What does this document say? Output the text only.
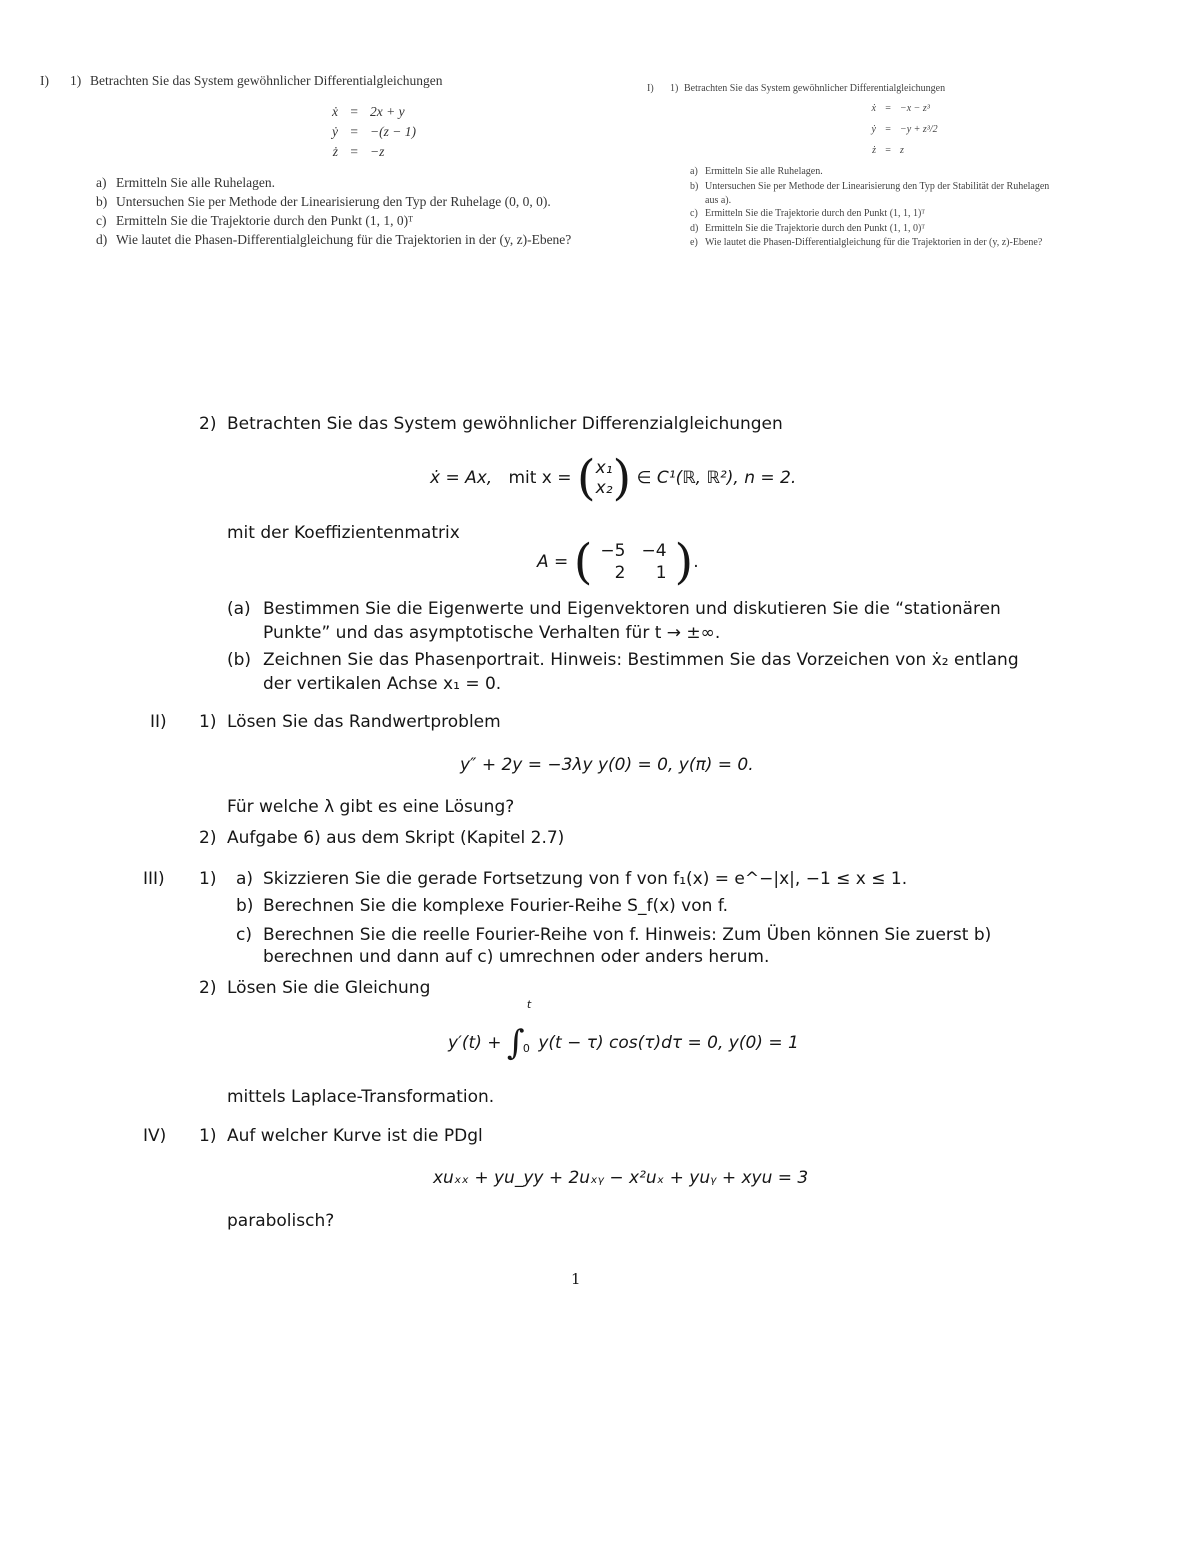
I) 1) Betrachten Sie das System gewöhnlicher Differentialgleichungen
ẋ = 2x + y
ẏ = −(z − 1)
ż = −z
a) Ermitteln Sie alle Ruhelagen.
b) Untersuchen Sie per Methode der Linearisierung den Typ der Ruhelage (0, 0, 0).
c) Ermitteln Sie die Trajektorie durch den Punkt (1, 1, 0)ᵀ
d) Wie lautet die Phasen-Differentialgleichung für die Trajektorien in der (y, z)-Ebene?
I) 1) Betrachten Sie das System gewöhnlicher Differentialgleichungen
ẋ = −x − z³
ẏ = −y + z³/2
ż = z
a) Ermitteln Sie alle Ruhelagen.
b) Untersuchen Sie per Methode der Linearisierung den Typ der Stabilität der Ruhelagen
aus a).
c) Ermitteln Sie die Trajektorie durch den Punkt (1, 1, 1)ᵀ
d) Ermitteln Sie die Trajektorie durch den Punkt (1, 1, 0)ᵀ
e) Wie lautet die Phasen-Differentialgleichung für die Trajektorien in der (y, z)-Ebene?
2) Betrachten Sie das System gewöhnlicher Differenzialgleichungen
ẋ = Ax, mit x = (x₁
x₂) ∈ C¹(ℝ, ℝ²), n = 2.
mit der Koeffizientenmatrix
A = ( −5	−4
2	1 ).
(a) Bestimmen Sie die Eigenwerte und Eigenvektoren und diskutieren Sie die “stationären
Punkte” und das asymptotische Verhalten für t → ±∞.
(b) Zeichnen Sie das Phasenportrait. Hinweis: Bestimmen Sie das Vorzeichen von ẋ₂ entlang
der vertikalen Achse x₁ = 0.
II) 1) Lösen Sie das Randwertproblem
y″ + 2y = −3λy y(0) = 0, y(π) = 0.
Für welche λ gibt es eine Lösung?
2) Aufgabe 6) aus dem Skript (Kapitel 2.7)
III) 1) a) Skizzieren Sie die gerade Fortsetzung von f von f₁(x) = e^−|x|, −1 ≤ x ≤ 1.
b) Berechnen Sie die komplexe Fourier-Reihe S_f(x) von f.
c) Berechnen Sie die reelle Fourier-Reihe von f. Hinweis: Zum Üben können Sie zuerst b)
berechnen und dann auf c) umrechnen oder anders herum.
2) Lösen Sie die Gleichung
y′(t) + ∫
t
0 y(t − τ) cos(τ)dτ = 0, y(0) = 1
mittels Laplace-Transformation.
IV) 1) Auf welcher Kurve ist die PDgl
xuₓₓ + yu_yy + 2uₓᵧ − x²uₓ + yuᵧ + xyu = 3
parabolisch?
1
